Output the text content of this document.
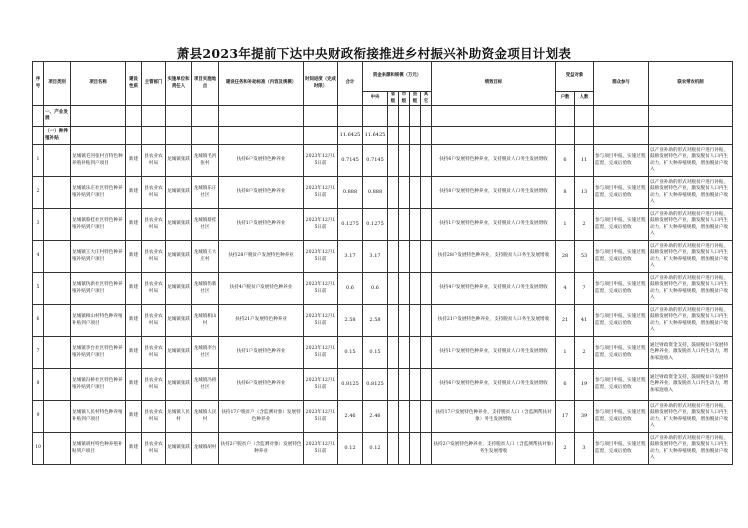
萧县2023年提前下达中央财政衔接推进乡村振兴补助资金项目计划表
序号	项目类别	项目名称	建设性质	主管部门	实施单位和责任人	项目实施地点	建设任务和补助标准（内容及规模）	时间进度（完成时限）	合计	资金来源和规模（万元）					绩效目标	受益对象		群众参与	联农带农机制
										中央	省级	市级	县级	其它		户数	人数		
	一、产业发展																		
	（一）种养殖补贴								11.6425	11.6425									
1		龙城镇毛河张村百特色种养殖补贴到户项目	新建	县农业农村局	龙城镇张跃	龙城镇毛河张村	扶持6户发展特色种养业	2023年12月15日前	0.7145	0.7145					扶持6户发展特色种养业，支持脱贫人口务生发展增收	6	11	参与项目申报，实施过程监督，完成后验收	以产业补助的形式对脱贫户进行补贴，鼓励发展特色产业，激发脱贫人口内生动力，扩大种养殖规模，增加脱贫户收入
2		龙城镇乐庄社区特色种养殖补贴到户项目	新建	县农业农村局	龙城镇张跃	龙城镇乐庄社区	扶持8户发展特色种养业	2023年12月15日前	0.888	0.888					扶持8户发展特色种养业，支持脱贫人口务生发展增收	8	13	参与项目申报，实施过程监督，完成后验收	以产业补助的形式对脱贫户进行补贴，鼓励发展特色产业，激发脱贫人口内生动力，扩大种养殖规模，增加脱贫户收入
3		龙城镇蔡桂社区特色种养殖补贴到户项目	新建	县农业农村局	龙城镇张跃	龙城镇蔡桂社区	扶持1户发展特色种养业	2023年12月15日前	0.1275	0.1275					扶持1户发展特色种养业，支持脱贫人口务生发展增收	1	2	参与项目申报，实施过程监督，完成后验收	以产业补助的形式对脱贫户进行补贴，鼓励发展特色产业，激发脱贫人口内生动力，扩大种养殖规模，增加脱贫户收入
4		龙城镇王大庄村特色种养殖补贴到户项目	新建	县农业农村局	龙城镇张跃	龙城镇王大庄村	扶持28户脱贫户发展特色种养业	2023年12月15日前	3.17	3.17					扶持28户发展特色种养业，支持脱贫人口务生发展增收	28	53	参与项目申报，实施过程监督，完成后验收	以产业补助的形式对脱贫户进行补贴，鼓励发展特色产业，激发脱贫人口内生动力，扩大种养殖规模，增加脱贫户收入
5		龙城镇伪新社区特色种养殖补贴到户项目	新建	县农业农村局	龙城镇张跃	龙城镇伪新社区	扶持4户脱贫户发展特色种养业	2023年12月15日前	0.6	0.6					扶持4户发展特色种养业，支持脱贫人口务生发展增收	4	7	参与项目申报，实施过程监督，完成后验收	以产业补助的形式对脱贫户进行补贴，鼓励发展特色产业，激发脱贫人口内生动力，扩大种养殖规模，增加脱贫户收入
6		龙城镇相山村特色种养殖补贴到户项目	新建	县农业农村局	龙城镇张跃	龙城镇相山村	扶持21户发展特色种养业	2023年12月15日前	2.58	2.58					扶持21户发展特色种养业，支持脱贫人口务生发展增收	21	41	参与项目申报，实施过程监督，完成后验收	以产业补助的形式对脱贫户进行补贴，鼓励发展特色产业，激发脱贫人口内生动力，扩大种养殖规模，增加脱贫户收入
7		龙城镇李台社区特色种养殖补贴到户项目	新建	县农业农村局	龙城镇张跃	龙城镇李台社区	扶持1户发展特色种养业	2023年12月15日前	0.15	0.15					扶持1户发展特色种养业，支持脱贫人口务生发展增收	1	2	参与项目申报，实施过程监督，完成后验收	通过财政资金支持，鼓励脱贫户发展特色种养业，激发脱贫人口内生动力，增加家庭收入
8		龙城镇冯桥社区特色种养殖补贴到户项目	新建	县农业农村局	龙城镇张跃	龙城镇冯桥社区	扶持6户发展特色种养业	2023年12月15日前	0.8125	0.8125					扶持6户发展特色种养业，支持脱贫人口务生发展增收	6	19	参与项目申报，实施过程监督，完成后验收	通过财政资金支持，鼓励脱贫户发展特色种养业，激发脱贫人口内生动力，增加家庭收入
9		龙城镇人民村特色种养殖补贴到户项目	新建	县农业农村局	龙城镇人民村	龙城镇人民村	扶持17户脱贫户（含监测对象）发展特色种养业	2023年12月15日前	2.46	2.46					扶持17户发展特色种养业，支持脱贫人口（含监测帮扶对象）务生发展增收	17	39	参与项目申报，实施过程监督，完成后验收	以产业补助的形式对脱贫户进行补贴，鼓励发展特色产业，激发脱贫人口内生动力，扩大种养殖规模，增加脱贫户收入
10		龙城镇胡村特色种养殖补贴到户项目	新建	县农业农村局	龙城镇张跃	龙城镇胡村	扶持2户脱贫户（含监测对象）发展特色种养业	2023年12月15日前	0.12	0.12					扶持2户发展特色种养业，支持脱贫人口（含监测帮扶对象）务生发展增收	2	3	参与项目申报，实施过程监督，完成后验收	以产业补助的形式对脱贫户进行补贴，鼓励发展特色产业，激发脱贫人口内生动力，扩大种养殖规模，增加脱贫户收入
